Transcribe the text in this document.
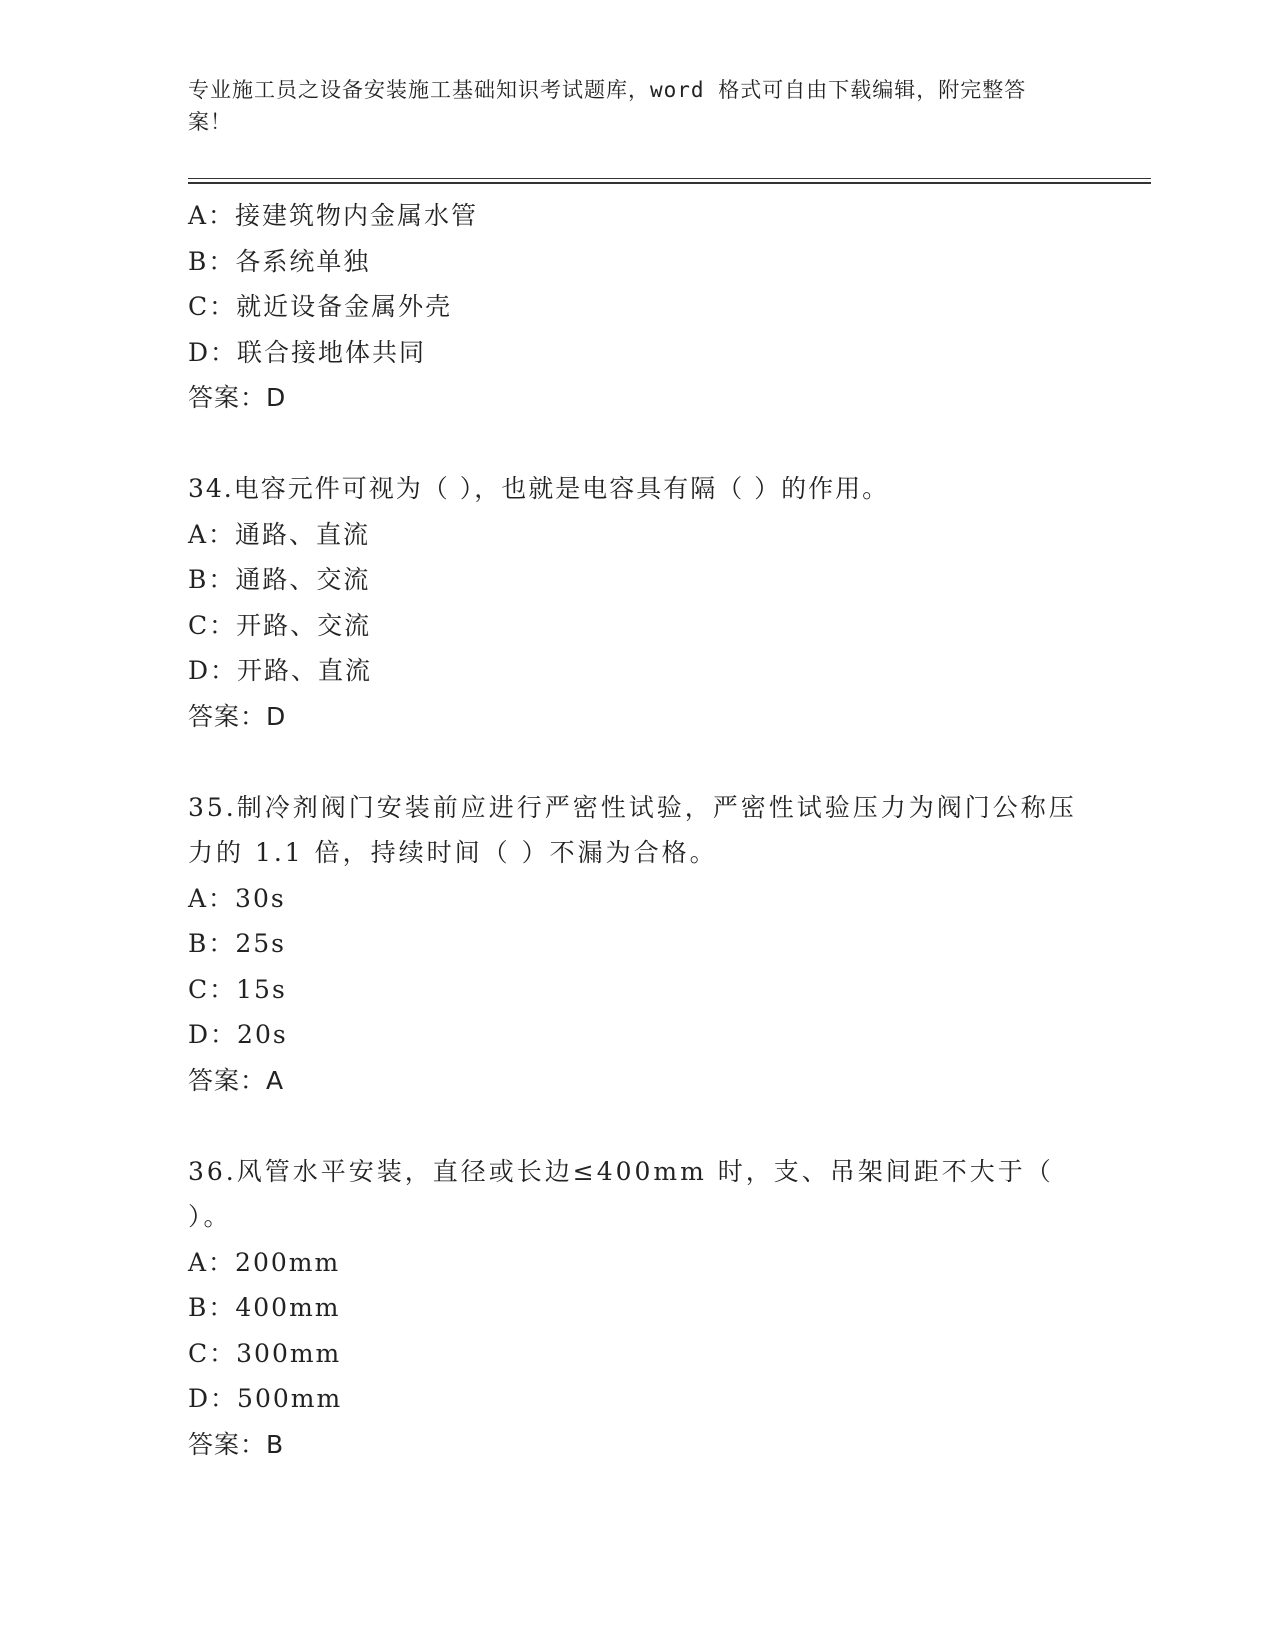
专业施工员之设备安装施工基础知识考试题库，word 格式可自由下载编辑，附完整答案！
A：接建筑物内金属水管
B：各系统单独
C：就近设备金属外壳
D：联合接地体共同
答案：D
34.电容元件可视为（ ），也就是电容具有隔（ ）的作用。
A：通路、直流
B：通路、交流
C：开路、交流
D：开路、直流
答案：D
35.制冷剂阀门安装前应进行严密性试验，严密性试验压力为阀门公称压力的 1.1 倍，持续时间（ ）不漏为合格。
A：30s
B：25s
C：15s
D：20s
答案：A
36.风管水平安装，直径或长边≤400mm 时，支、吊架间距不大于（ ）。
A：200mm
B：400mm
C：300mm
D：500mm
答案：B
